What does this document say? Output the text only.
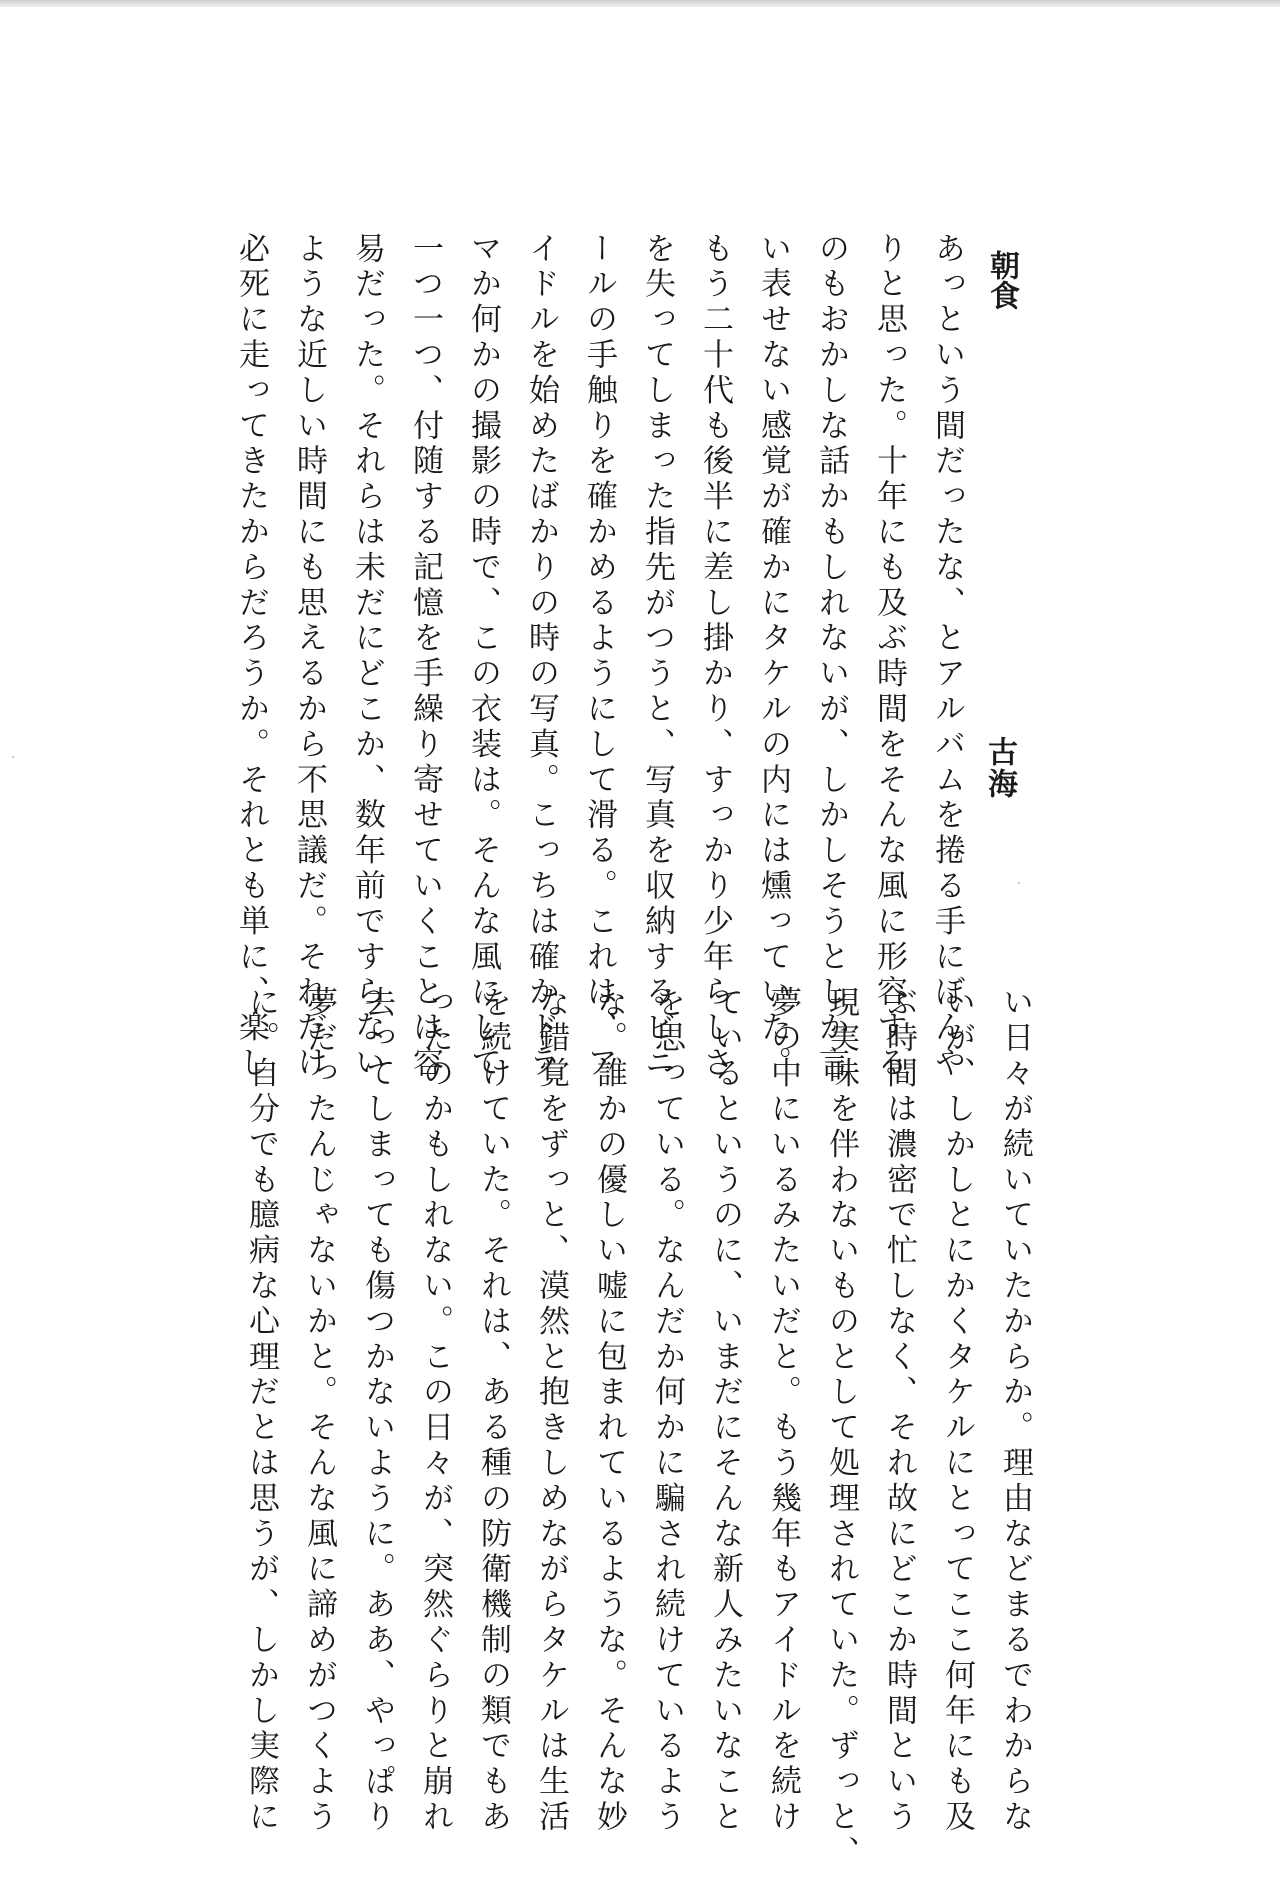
朝食
古海
あっという間だったな、とアルバムを捲る手にぼんや
りと思った。十年にも及ぶ時間をそんな風に形容する
のもおかしな話かもしれないが、しかしそうとしか言
い表せない感覚が確かにタケルの内には燻っていた。
もう二十代も後半に差し掛かり、すっかり少年らしさ
を失ってしまった指先がつうと、写真を収納するビニ
ールの手触りを確かめるようにして滑る。これは、ア
イドルを始めたばかりの時の写真。こっちは確かドラ
マか何かの撮影の時で、この衣装は。そんな風にして
一つ一つ、付随する記憶を手繰り寄せていくことは容
易だった。それらは未だにどこか、数年前ですらない
ような近しい時間にも思えるから不思議だ。それだけ
必死に走ってきたからだろうか。それとも単に、楽し
い日々が続いていたからか。理由などまるでわからな
いが、しかしとにかくタケルにとってここ何年にも及
ぶ時間は濃密で忙しなく、それ故にどこか時間という
現実味を伴わないものとして処理されていた。ずっと、
夢の中にいるみたいだと。もう幾年もアイドルを続け
ているというのに、いまだにそんな新人みたいなこと
を思っている。なんだか何かに騙され続けているよう
な。誰かの優しい嘘に包まれているような。そんな妙
な錯覚をずっと、漠然と抱きしめながらタケルは生活
を続けていた。それは、ある種の防衛機制の類でもあ
ったのかもしれない。この日々が、突然ぐらりと崩れ
去ってしまっても傷つかないように。ああ、やっぱり
夢だったんじゃないかと。そんな風に諦めがつくよう
に。自分でも臆病な心理だとは思うが、しかし実際に
